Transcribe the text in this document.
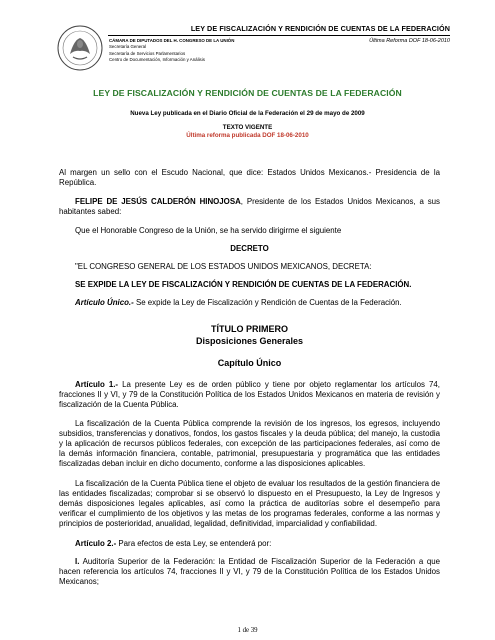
LEY DE FISCALIZACIÓN Y RENDICIÓN DE CUENTAS DE LA FEDERACIÓN
CÁMARA DE DIPUTADOS DEL H. CONGRESO DE LA UNIÓN
Secretaría General
Secretaría de Servicios Parlamentarios
Centro de Documentación, Información y Análisis
Última Reforma DOF 18-06-2010
LEY DE FISCALIZACIÓN Y RENDICIÓN DE CUENTAS DE LA FEDERACIÓN
Nueva Ley publicada en el Diario Oficial de la Federación el 29 de mayo de 2009
TEXTO VIGENTE
Última reforma publicada DOF 18-06-2010
Al margen un sello con el Escudo Nacional, que dice: Estados Unidos Mexicanos.- Presidencia de la República.
FELIPE DE JESÚS CALDERÓN HINOJOSA, Presidente de los Estados Unidos Mexicanos, a sus habitantes sabed:
Que el Honorable Congreso de la Unión, se ha servido dirigirme el siguiente
DECRETO
"EL CONGRESO GENERAL DE LOS ESTADOS UNIDOS MEXICANOS, DECRETA:
SE EXPIDE LA LEY DE FISCALIZACIÓN Y RENDICIÓN DE CUENTAS DE LA FEDERACIÓN.
Artículo Único.- Se expide la Ley de Fiscalización y Rendición de Cuentas de la Federación.
TÍTULO PRIMERO
Disposiciones Generales
Capítulo Único
Artículo 1.- La presente Ley es de orden público y tiene por objeto reglamentar los artículos 74, fracciones II y VI, y 79 de la Constitución Política de los Estados Unidos Mexicanos en materia de revisión y fiscalización de la Cuenta Pública.
La fiscalización de la Cuenta Pública comprende la revisión de los ingresos, los egresos, incluyendo subsidios, transferencias y donativos, fondos, los gastos fiscales y la deuda pública; del manejo, la custodia y la aplicación de recursos públicos federales, con excepción de las participaciones federales, así como de la demás información financiera, contable, patrimonial, presupuestaria y programática que las entidades fiscalizadas deban incluir en dicho documento, conforme a las disposiciones aplicables.
La fiscalización de la Cuenta Pública tiene el objeto de evaluar los resultados de la gestión financiera de las entidades fiscalizadas; comprobar si se observó lo dispuesto en el Presupuesto, la Ley de Ingresos y demás disposiciones legales aplicables, así como la práctica de auditorías sobre el desempeño para verificar el cumplimiento de los objetivos y las metas de los programas federales, conforme a las normas y principios de posterioridad, anualidad, legalidad, definitividad, imparcialidad y confiabilidad.
Artículo 2.- Para efectos de esta Ley, se entenderá por:
I. Auditoría Superior de la Federación: la Entidad de Fiscalización Superior de la Federación a que hacen referencia los artículos 74, fracciones II y VI, y 79 de la Constitución Política de los Estados Unidos Mexicanos;
1 de 39
